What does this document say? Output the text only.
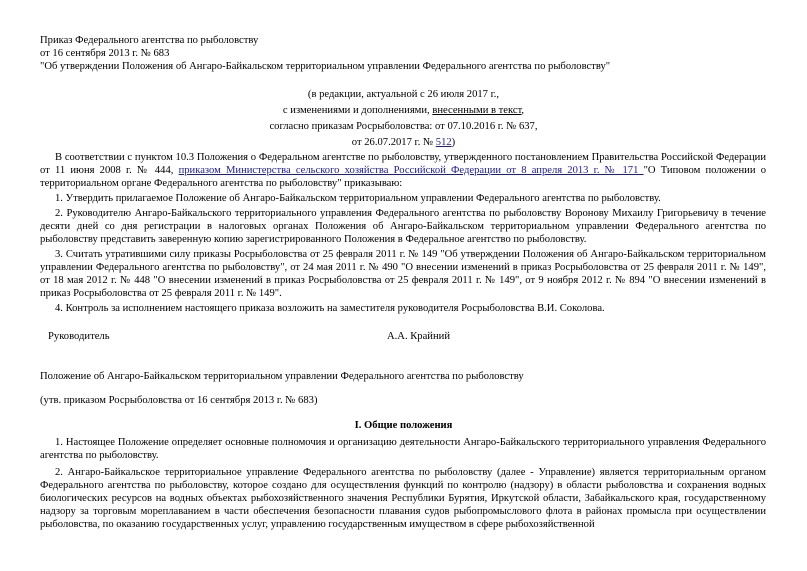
Приказ Федерального агентства по рыболовству
от 16 сентября 2013 г. № 683
"Об утверждении Положения об Ангаро-Байкальском территориальном управлении Федерального агентства по рыболовству"
(в редакции, актуальной с 26 июля 2017 г.,
с изменениями и дополнениями, внесенными в текст,
согласно приказам Росрыболовства: от 07.10.2016 г. № 637,
от 26.07.2017 г. № 512)

В соответствии с пунктом 10.3 Положения о Федеральном агентстве по рыболовству, утвержденного постановлением Правительства Российской Федерации от 11 июня 2008 г. № 444, приказом Министерства сельского хозяйства Российской Федерации от 8 апреля 2013 г. № 171 "О Типовом положении о территориальном органе Федерального агентства по рыболовству" приказываю:

1. Утвердить прилагаемое Положение об Ангаро-Байкальском территориальном управлении Федерального агентства по рыболовству.

2. Руководителю Ангаро-Байкальского территориального управления Федерального агентства по рыболовству Воронову Михаилу Григорьевичу в течение десяти дней со дня регистрации в налоговых органах Положения об Ангаро-Байкальском территориальном управлении Федерального агентства по рыболовству представить заверенную копию зарегистрированного Положения в Федеральное агентство по рыболовству.

3. Считать утратившими силу приказы Росрыболовства от 25 февраля 2011 г. № 149 "Об утверждении Положения об Ангаро-Байкальском территориальном управлении Федерального агентства по рыболовству", от 24 мая 2011 г. № 490 "О внесении изменений в приказ Росрыболовства от 25 февраля 2011 г. № 149", от 18 мая 2012 г. № 448 "О внесении изменений в приказ Росрыболовства от 25 февраля 2011 г. № 149", от 9 ноября 2012 г. № 894 "О внесении изменений в приказ Росрыболовства от 25 февраля 2011 г. № 149".

4. Контроль за исполнением настоящего приказа возложить на заместителя руководителя Росрыболовства В.И. Соколова.

Руководитель	А.А. Крайний
Положение об Ангаро-Байкальском территориальном управлении Федерального агентства по рыболовству
(утв. приказом Росрыболовства от 16 сентября 2013 г. № 683)
I. Общие положения

1. Настоящее Положение определяет основные полномочия и организацию деятельности Ангаро-Байкальского территориального управления Федерального агентства по рыболовству.

2. Ангаро-Байкальское территориальное управление Федерального агентства по рыболовству (далее - Управление) является территориальным органом Федерального агентства по рыболовству, которое создано для осуществления функций по контролю (надзору) в области рыболовства и сохранения водных биологических ресурсов на водных объектах рыбохозяйственного значения Республики Бурятия, Иркутской области, Забайкальского края, государственному надзору за торговым мореплаванием в части обеспечения безопасности плавания судов рыбопромыслового флота в районах промысла при осуществлении рыболовства, по оказанию государственных услуг, управлению государственным имуществом в сфере рыбохозяйственной
